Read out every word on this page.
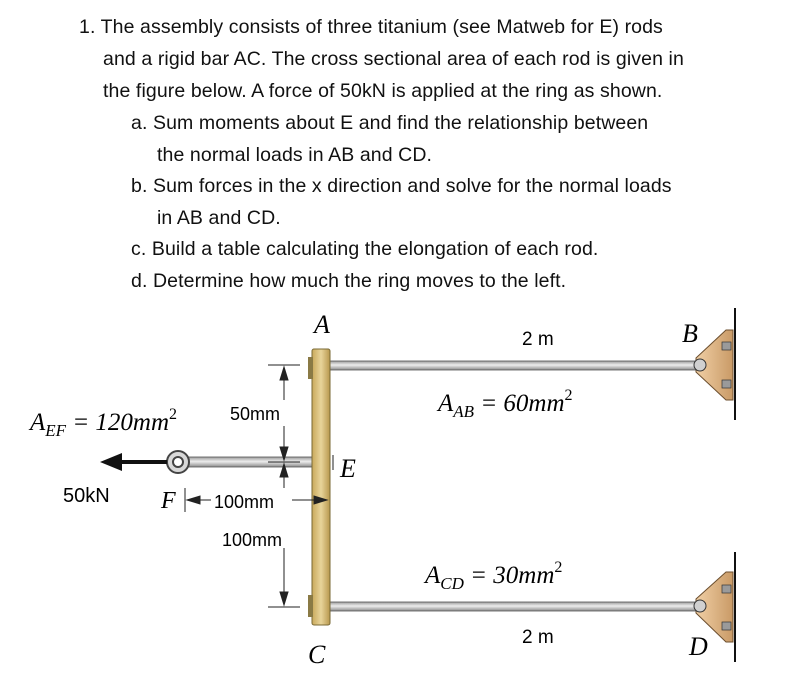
1. The assembly consists of three titanium (see Matweb for E) rods
and a rigid bar AC. The cross sectional area of each rod is given in
the figure below. A force of 50kN is applied at the ring as shown.
a. Sum moments about E and find the relationship between
the normal loads in AB and CD.
b. Sum forces in the x direction and solve for the normal loads
in AB and CD.
c. Build a table calculating the elongation of each rod.
d. Determine how much the ring moves to the left.
A	B
C	D
E
F
2 m
2 m
$A_{AB} = 60mm^2$
$A_{CD} = 30mm^2$
$A_{EF} = 120mm^2$	50mm
100mm
100mm
50kN
